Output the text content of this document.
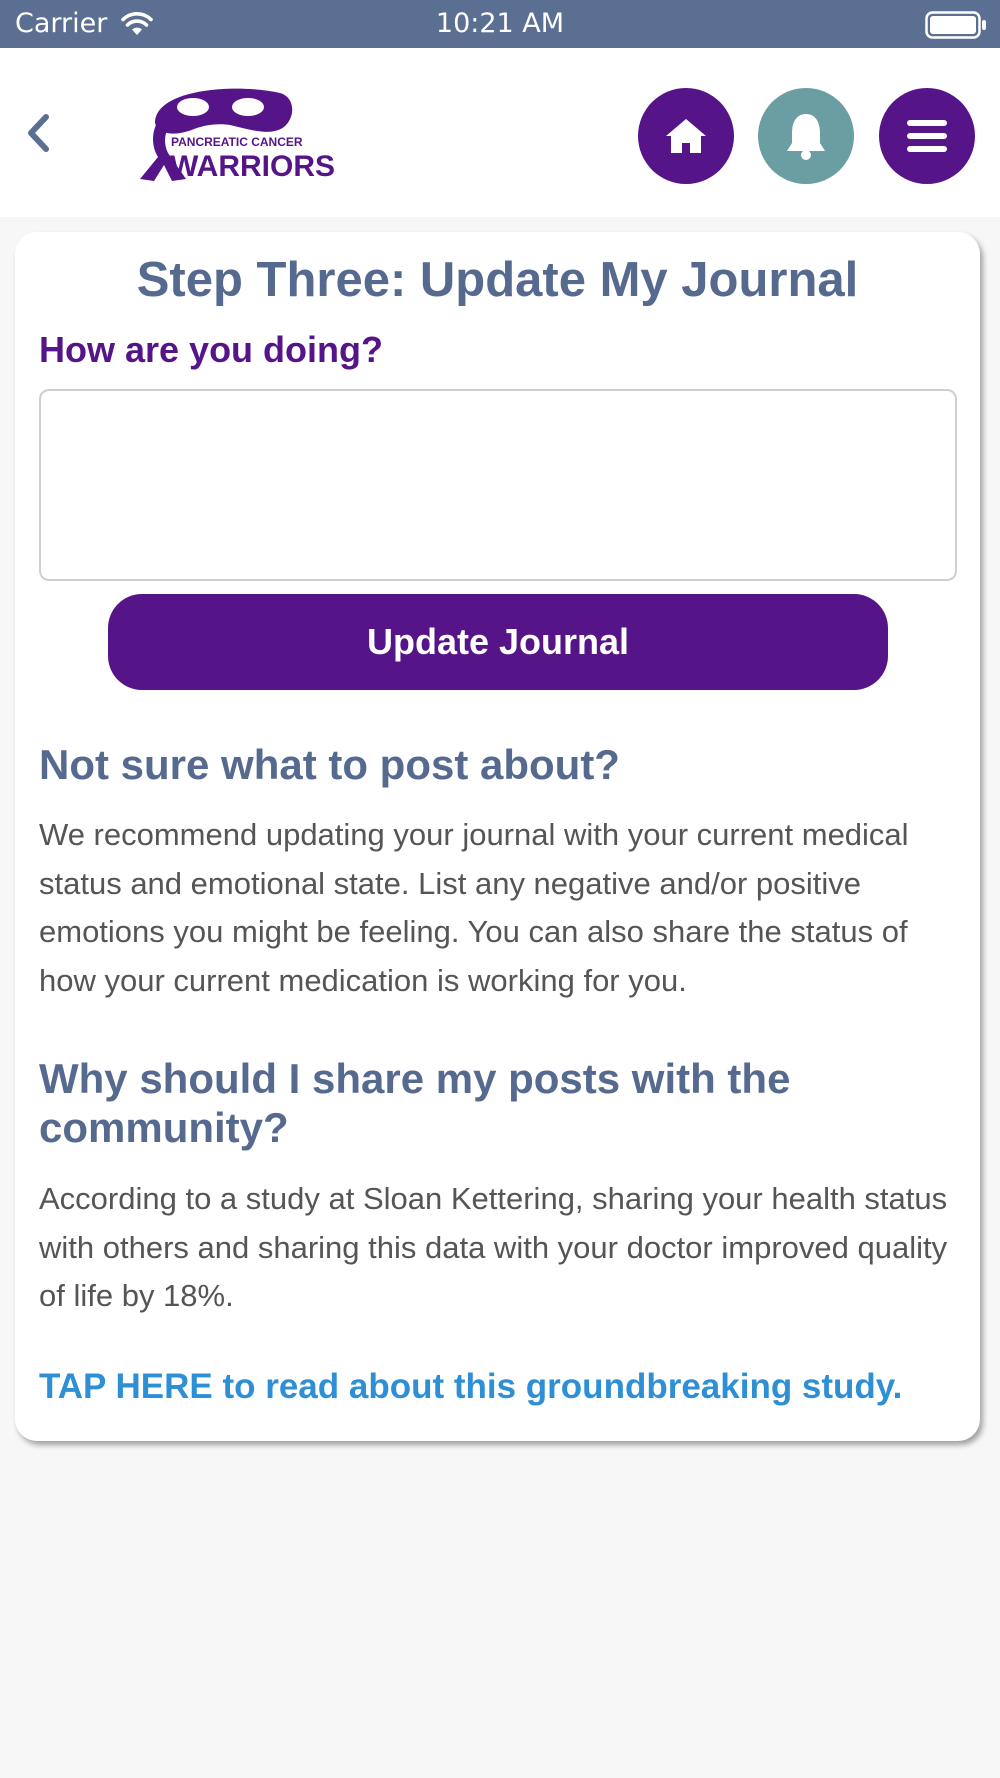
Carrier	10:21 AM
PANCREATIC CANCER
WARRIORS
Step Three: Update My Journal
How are you doing?
Update Journal
Not sure what to post about?

We recommend updating your journal with your current medical status and emotional state. List any negative and/or positive emotions you might be feeling. You can also share the status of how your current medication is working for you.

Why should I share my posts with the community?

According to a study at Sloan Kettering, sharing your health status with others and sharing this data with your doctor improved quality of life by 18%.

TAP HERE to read about this groundbreaking study.
